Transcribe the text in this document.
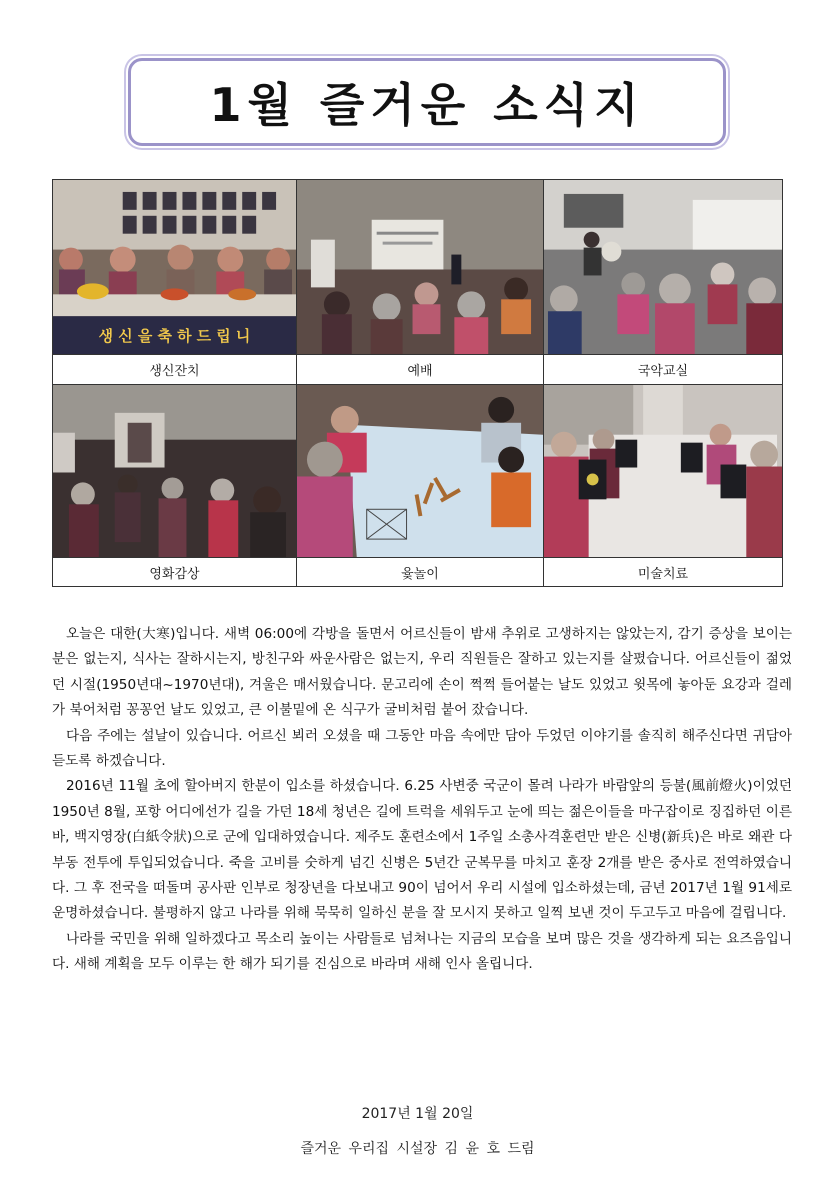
1월 즐거운 소식지
생 신 을 축 하 드 립 니
생신잔치	예배	국악교실
영화감상	윷놀이	미술치료

오늘은 대한(大寒)입니다. 새벽 06:00에 각방을 돌면서 어르신들이 밤새 추위로 고생하지는 않았는지, 감기 증상을 보이는 분은 없는지, 식사는 잘하시는지, 방친구와 싸운사람은 없는지, 우리 직원들은 잘하고 있는지를 살폈습니다. 어르신들이 젊었던 시절(1950년대~1970년대), 겨울은 매서웠습니다. 문고리에 손이 쩍쩍 들어붙는 날도 있었고 윗목에 놓아둔 요강과 걸레가 북어처럼 꽁꽁언 날도 있었고, 큰 이불밑에 온 식구가 굴비처럼 붙어 잤습니다.

다음 주에는 설날이 있습니다. 어르신 뵈러 오셨을 때 그동안 마음 속에만 담아 두었던 이야기를 솔직히 해주신다면 귀담아 듣도록 하겠습니다.

2016년 11월 초에 할아버지 한분이 입소를 하셨습니다. 6.25 사변중 국군이 몰려 나라가 바람앞의 등불(風前燈火)이었던 1950년 8월, 포항 어디에선가 길을 가던 18세 청년은 길에 트럭을 세워두고 눈에 띄는 젊은이들을 마구잡이로 징집하던 이른바, 백지영장(白紙令狀)으로 군에 입대하였습니다. 제주도 훈련소에서 1주일 소총사격훈련만 받은 신병(新兵)은 바로 왜관 다부동 전투에 투입되었습니다. 죽을 고비를 숫하게 넘긴 신병은 5년간 군복무를 마치고 훈장 2개를 받은 중사로 전역하였습니다. 그 후 전국을 떠돌며 공사판 인부로 청장년을 다보내고 90이 넘어서 우리 시설에 입소하셨는데, 금년 2017년 1월 91세로 운명하셨습니다. 불평하지 않고 나라를 위해 묵묵히 일하신 분을 잘 모시지 못하고 일찍 보낸 것이 두고두고 마음에 걸립니다.

나라를 국민을 위해 일하겠다고 목소리 높이는 사람들로 넘쳐나는 지금의 모습을 보며 많은 것을 생각하게 되는 요즈음입니다. 새해 계획을 모두 이루는 한 해가 되기를 진심으로 바라며 새해 인사 올립니다.

2017년 1월 20일
즐거운 우리집 시설장 김 윤 호 드림
